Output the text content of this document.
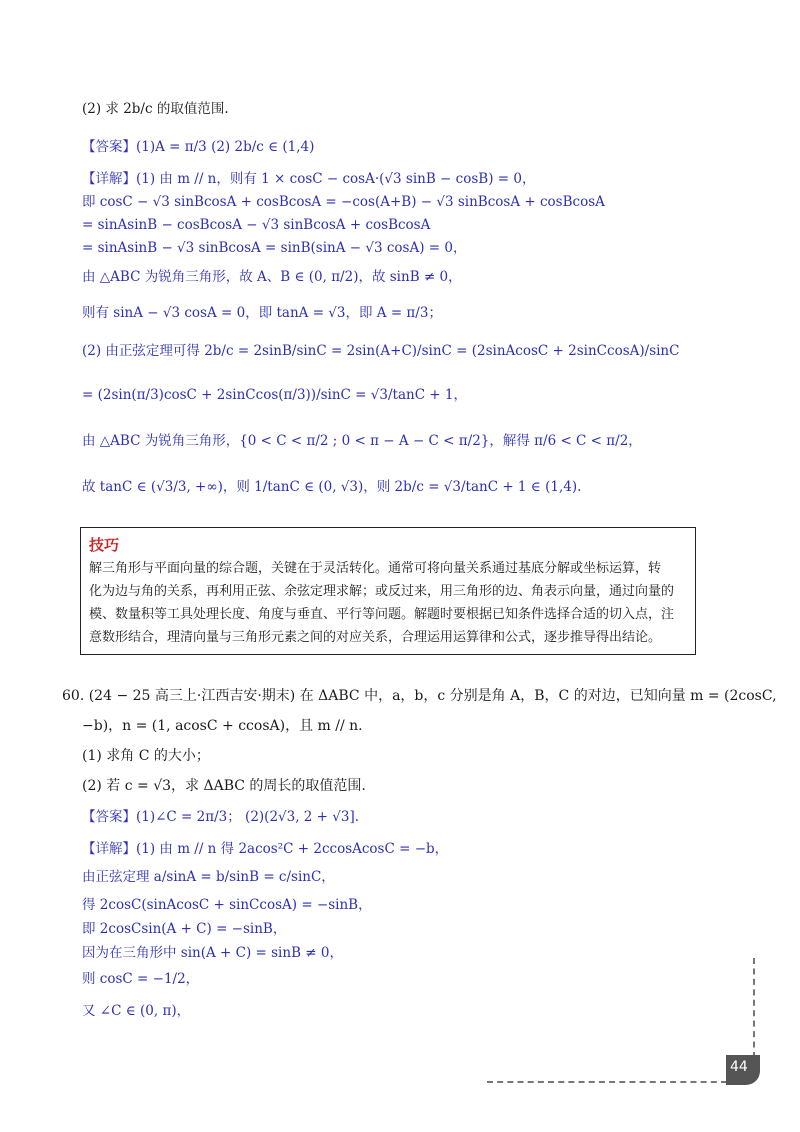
(2) 求 2b/c 的取值范围.
【答案】(1)A = π/3 (2) 2b/c ∈ (1,4)
【详解】(1) 由 m // n，则有 1 × cosC − cosA·(√3 sinB − cosB) = 0，
即 cosC − √3 sinBcosA + cosBcosA = −cos(A+B) − √3 sinBcosA + cosBcosA
= sinAsinB − cosBcosA − √3 sinBcosA + cosBcosA
= sinAsinB − √3 sinBcosA = sinB(sinA − √3 cosA) = 0，
由 △ABC 为锐角三角形，故 A、B ∈ (0, π/2)，故 sinB ≠ 0，
则有 sinA − √3 cosA = 0，即 tanA = √3，即 A = π/3；
(2) 由正弦定理可得 2b/c = 2sinB/sinC = 2sin(A+C)/sinC = (2sinAcosC + 2sinCcosA)/sinC
= (2sin(π/3)cosC + 2sinCcos(π/3))/sinC = √3/tanC + 1，
由 △ABC 为锐角三角形，{0 < C < π/2 ; 0 < π − A − C < π/2}，解得 π/6 < C < π/2，
故 tanC ∈ (√3/3, +∞)，则 1/tanC ∈ (0, √3)，则 2b/c = √3/tanC + 1 ∈ (1,4).
技巧
解三角形与平面向量的综合题，关键在于灵活转化。通常可将向量关系通过基底分解或坐标运算，转
化为边与角的关系，再利用正弦、余弦定理求解；或反过来，用三角形的边、角表示向量，通过向量的
模、数量积等工具处理长度、角度与垂直、平行等问题。解题时要根据已知条件选择合适的切入点，注
意数形结合，理清向量与三角形元素之间的对应关系，合理运用运算律和公式，逐步推导得出结论。
60. (24 − 25 高三上·江西吉安·期末) 在 ΔABC 中，a，b，c 分别是角 A，B，C 的对边，已知向量 m = (2cosC,
−b)，n = (1, acosC + ccosA)，且 m // n.
(1) 求角 C 的大小；
(2) 若 c = √3，求 ΔABC 的周长的取值范围.
【答案】(1)∠C = 2π/3； (2)(2√3, 2 + √3].
【详解】(1) 由 m // n 得 2acos²C + 2ccosAcosC = −b，
由正弦定理 a/sinA = b/sinB = c/sinC，
得 2cosC(sinAcosC + sinCcosA) = −sinB，
即 2cosCsin(A + C) = −sinB，
因为在三角形中 sin(A + C) = sinB ≠ 0，
则 cosC = −1/2，
又 ∠C ∈ (0, π)，
44
